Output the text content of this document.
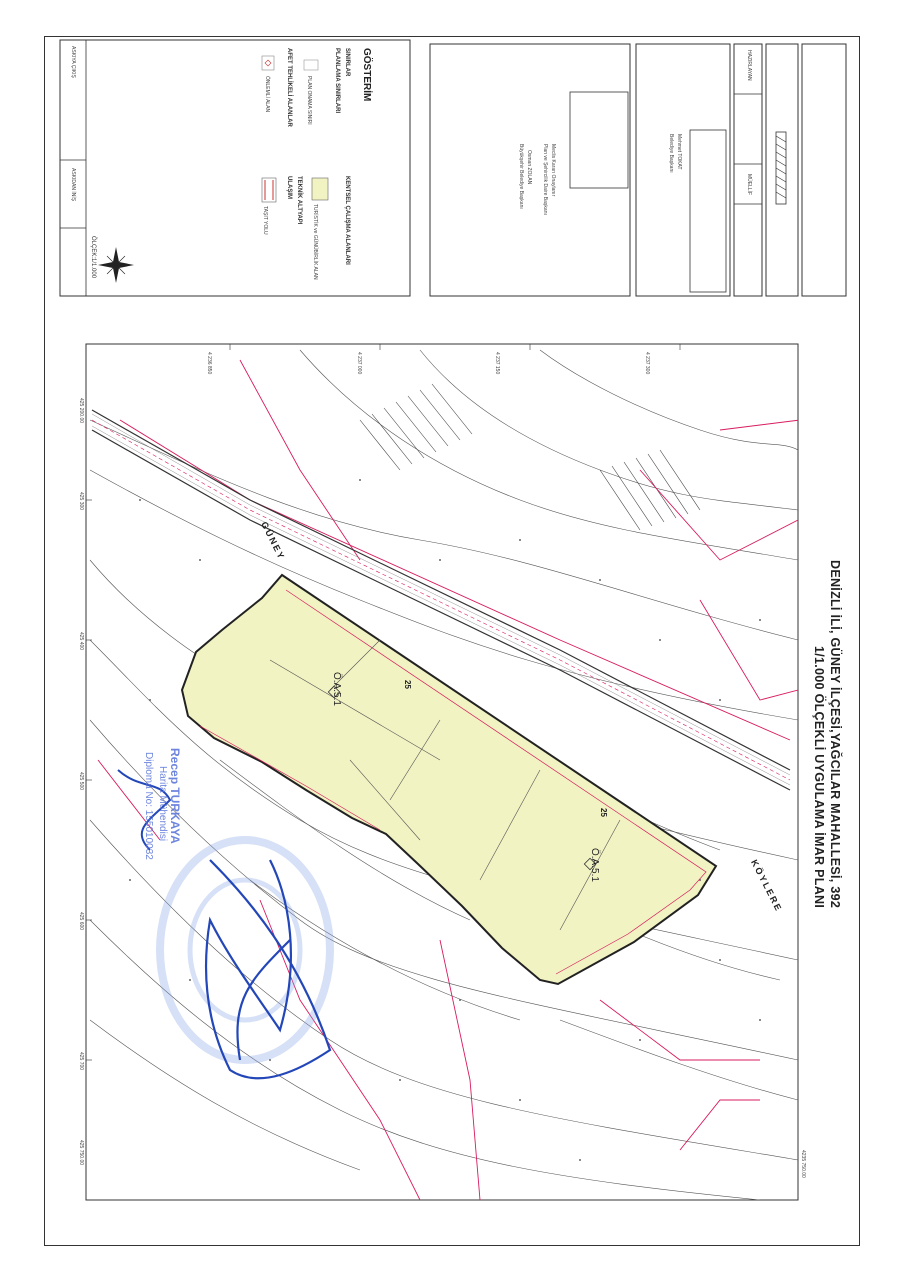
GÖSTERİM
SINIRLAR
PLANLAMA SINIRLARI
PLAN ONAMA SINIRI
AFET TEHLİKELİ ALANLAR
ÖNLEMLİ ALAN
KENTSEL ÇALIŞMA ALANLARI
TURİSTİK ve GÜNÜBİRLİK ALAN
TEKNİK ALTYAPI
ULAŞIM
TAŞIT YOLU
ÖLÇEK:1/1.000
ASKIYA ÇIKIŞ
ASKIDAN İNİŞ
Mehmet TOKAT
Belediye Başkanı
Meclis Kararı Onaylanır
Plan ve Şehircilik Daire Başkanı
Osman ZOLAN
Büyükşehir Belediye Başkanı
HAZIRLAYAN
MÜELLİF
4 236 850	4 237 000	4 237 150	4 237 300
425 200.00
425 300
425 400
425 500
425 600
425 700
425 750.00	4235 750.00
Ö.A.5.1
Ö.A.5.1
GÜNEY
KÖYLERE
25
25	DENİZLİ İLİ, GÜNEY İLÇESİ,YAĞCILAR MAHALLESİ, 392
1/1.000 ÖLÇEKLİ UYGULAMA İMAR PLANI
Recep TURKAYA
Harita Mühendisi
Diploma No: 155010032
